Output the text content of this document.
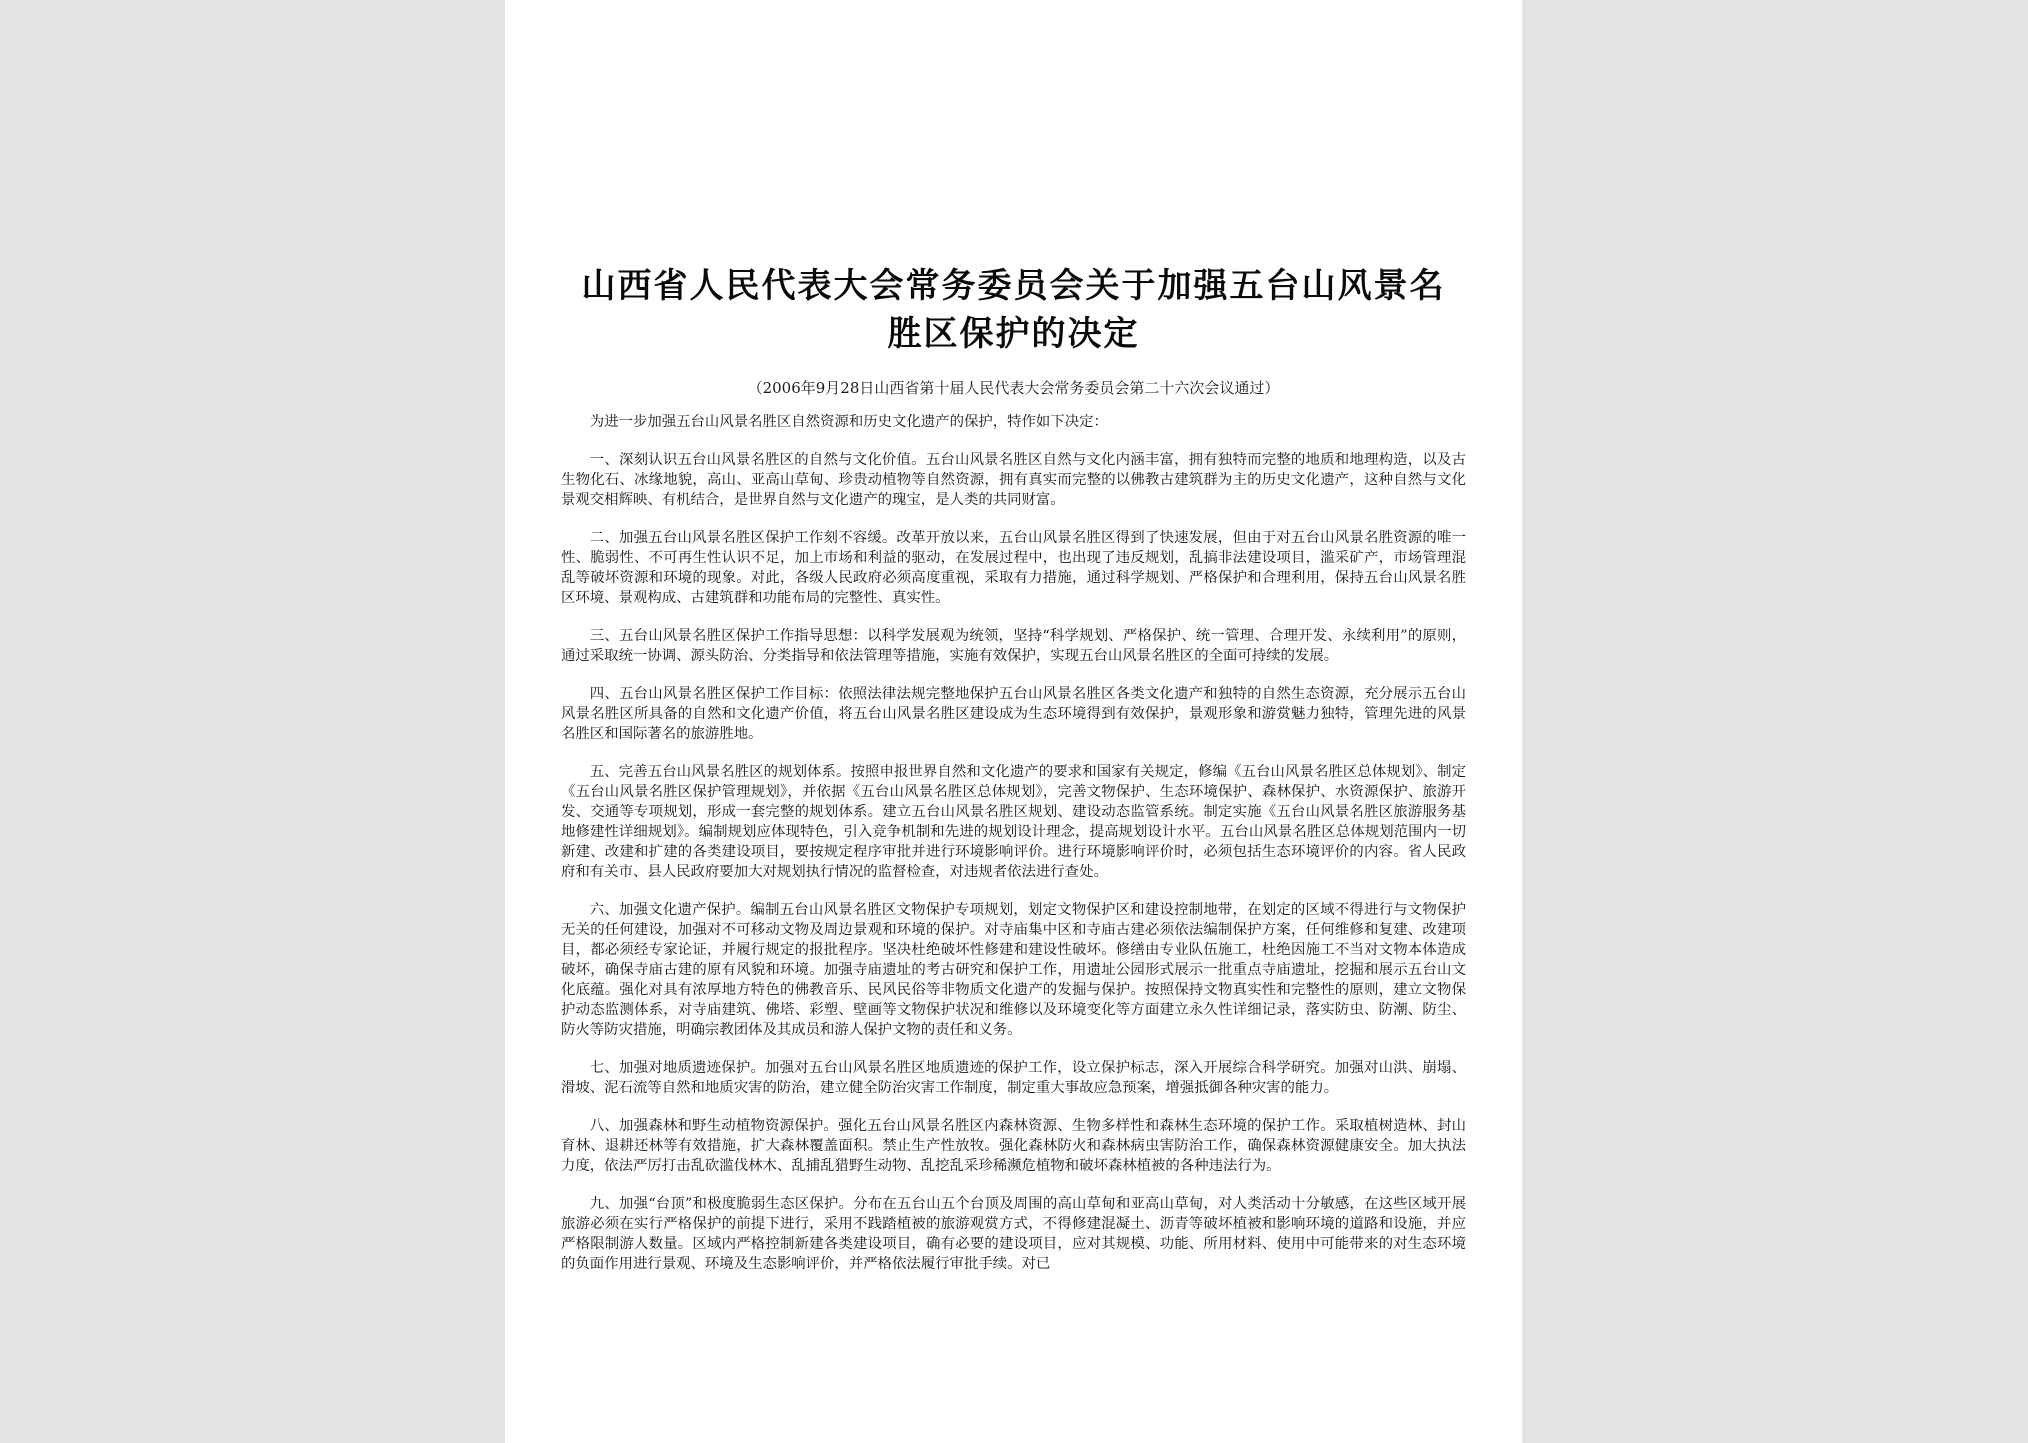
山西省人民代表大会常务委员会关于加强五台山风景名
胜区保护的决定

（2006年9月28日山西省第十届人民代表大会常务委员会第二十六次会议通过）

为进一步加强五台山风景名胜区自然资源和历史文化遗产的保护，特作如下决定：

一、深刻认识五台山风景名胜区的自然与文化价值。五台山风景名胜区自然与文化内涵丰富，拥有独特而完整的地质和地理构造，以及古生物化石、冰缘地貌，高山、亚高山草甸、珍贵动植物等自然资源，拥有真实而完整的以佛教古建筑群为主的历史文化遗产，这种自然与文化景观交相辉映、有机结合，是世界自然与文化遗产的瑰宝，是人类的共同财富。

二、加强五台山风景名胜区保护工作刻不容缓。改革开放以来，五台山风景名胜区得到了快速发展，但由于对五台山风景名胜资源的唯一性、脆弱性、不可再生性认识不足，加上市场和利益的驱动，在发展过程中，也出现了违反规划，乱搞非法建设项目，滥采矿产，市场管理混乱等破坏资源和环境的现象。对此，各级人民政府必须高度重视，采取有力措施，通过科学规划、严格保护和合理利用，保持五台山风景名胜区环境、景观构成、古建筑群和功能布局的完整性、真实性。

三、五台山风景名胜区保护工作指导思想：以科学发展观为统领，坚持“科学规划、严格保护、统一管理、合理开发、永续利用”的原则，通过采取统一协调、源头防治、分类指导和依法管理等措施，实施有效保护，实现五台山风景名胜区的全面可持续的发展。

四、五台山风景名胜区保护工作目标：依照法律法规完整地保护五台山风景名胜区各类文化遗产和独特的自然生态资源，充分展示五台山风景名胜区所具备的自然和文化遗产价值，将五台山风景名胜区建设成为生态环境得到有效保护，景观形象和游赏魅力独特，管理先进的风景名胜区和国际著名的旅游胜地。

五、完善五台山风景名胜区的规划体系。按照申报世界自然和文化遗产的要求和国家有关规定，修编《五台山风景名胜区总体规划》、制定《五台山风景名胜区保护管理规划》，并依据《五台山风景名胜区总体规划》，完善文物保护、生态环境保护、森林保护、水资源保护、旅游开发、交通等专项规划，形成一套完整的规划体系。建立五台山风景名胜区规划、建设动态监管系统。制定实施《五台山风景名胜区旅游服务基地修建性详细规划》。编制规划应体现特色，引入竞争机制和先进的规划设计理念，提高规划设计水平。五台山风景名胜区总体规划范围内一切新建、改建和扩建的各类建设项目，要按规定程序审批并进行环境影响评价。进行环境影响评价时，必须包括生态环境评价的内容。省人民政府和有关市、县人民政府要加大对规划执行情况的监督检查，对违规者依法进行查处。

六、加强文化遗产保护。编制五台山风景名胜区文物保护专项规划，划定文物保护区和建设控制地带，在划定的区域不得进行与文物保护无关的任何建设，加强对不可移动文物及周边景观和环境的保护。对寺庙集中区和寺庙古建必须依法编制保护方案，任何维修和复建、改建项目，都必须经专家论证，并履行规定的报批程序。坚决杜绝破坏性修建和建设性破坏。修缮由专业队伍施工，杜绝因施工不当对文物本体造成破坏，确保寺庙古建的原有风貌和环境。加强寺庙遗址的考古研究和保护工作，用遗址公园形式展示一批重点寺庙遗址，挖掘和展示五台山文化底蕴。强化对具有浓厚地方特色的佛教音乐、民风民俗等非物质文化遗产的发掘与保护。按照保持文物真实性和完整性的原则，建立文物保护动态监测体系，对寺庙建筑、佛塔、彩塑、壁画等文物保护状况和维修以及环境变化等方面建立永久性详细记录，落实防虫、防潮、防尘、防火等防灾措施，明确宗教团体及其成员和游人保护文物的责任和义务。

七、加强对地质遗迹保护。加强对五台山风景名胜区地质遗迹的保护工作，设立保护标志，深入开展综合科学研究。加强对山洪、崩塌、滑坡、泥石流等自然和地质灾害的防治，建立健全防治灾害工作制度，制定重大事故应急预案，增强抵御各种灾害的能力。

八、加强森林和野生动植物资源保护。强化五台山风景名胜区内森林资源、生物多样性和森林生态环境的保护工作。采取植树造林、封山育林、退耕还林等有效措施，扩大森林覆盖面积。禁止生产性放牧。强化森林防火和森林病虫害防治工作，确保森林资源健康安全。加大执法力度，依法严厉打击乱砍滥伐林木、乱捕乱猎野生动物、乱挖乱采珍稀濒危植物和破坏森林植被的各种违法行为。

九、加强“台顶”和极度脆弱生态区保护。分布在五台山五个台顶及周围的高山草甸和亚高山草甸，对人类活动十分敏感，在这些区域开展旅游必须在实行严格保护的前提下进行，采用不践踏植被的旅游观赏方式，不得修建混凝土、沥青等破坏植被和影响环境的道路和设施，并应严格限制游人数量。区域内严格控制新建各类建设项目，确有必要的建设项目，应对其规模、功能、所用材料、使用中可能带来的对生态环境的负面作用进行景观、环境及生态影响评价，并严格依法履行审批手续。对已
